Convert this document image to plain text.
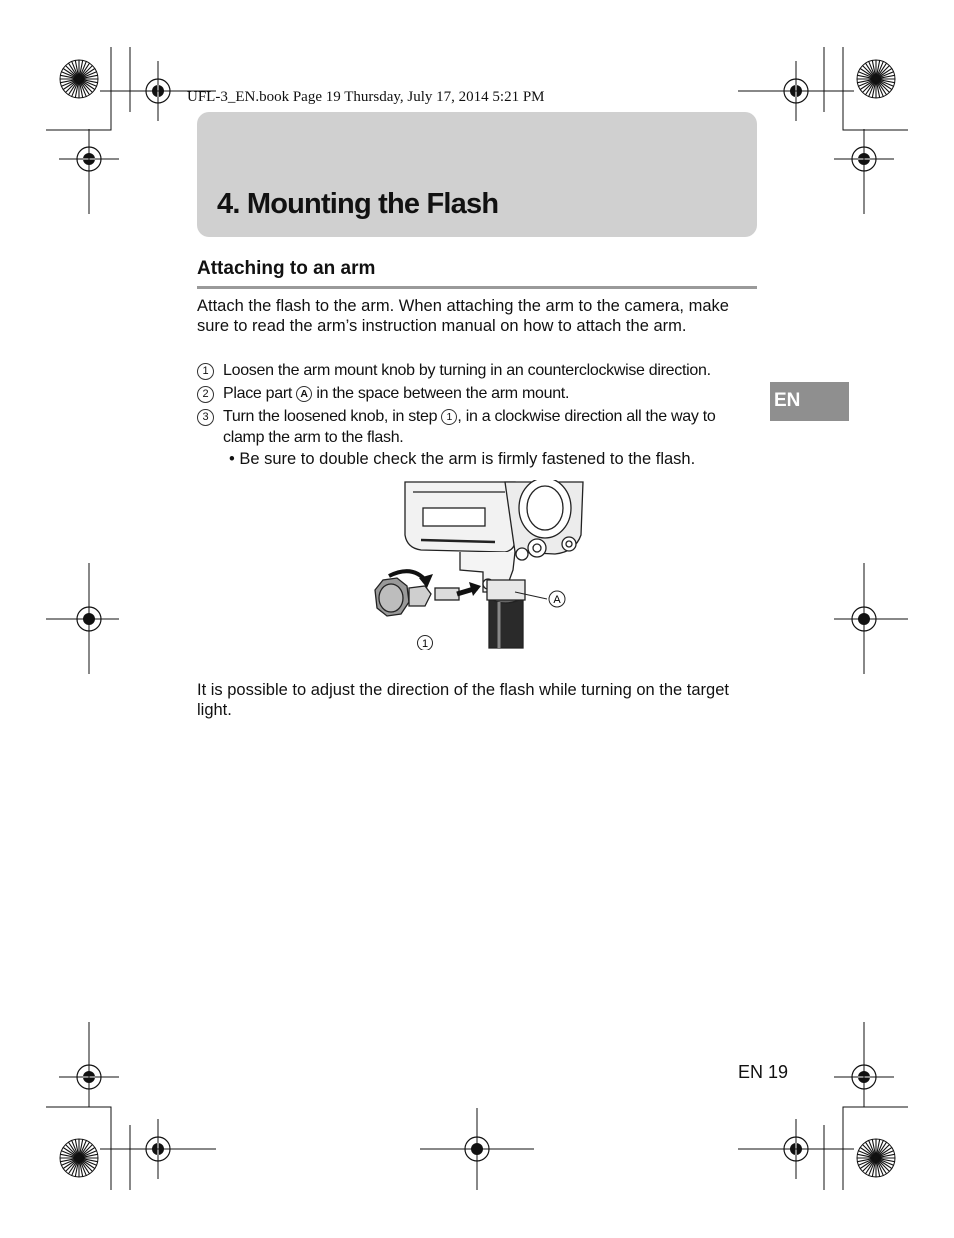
UFL-3_EN.book Page 19 Thursday, July 17, 2014 5:21 PM
4. Mounting the Flash
Attaching to an arm
Attach the flash to the arm. When attaching the arm to the camera, make sure to read the arm’s instruction manual on how to attach the arm.
1 Loosen the arm mount knob by turning in an counterclockwise direction.
2 Place part A in the space between the arm mount.
3 Turn the loosened knob, in step 1 , in a clockwise direction all the way to
clamp the arm to the flash.
• Be sure to double check the arm is firmly fastened to the flash.
EN
A
1
It is possible to adjust the direction of the flash while turning on the target light.
EN 19
